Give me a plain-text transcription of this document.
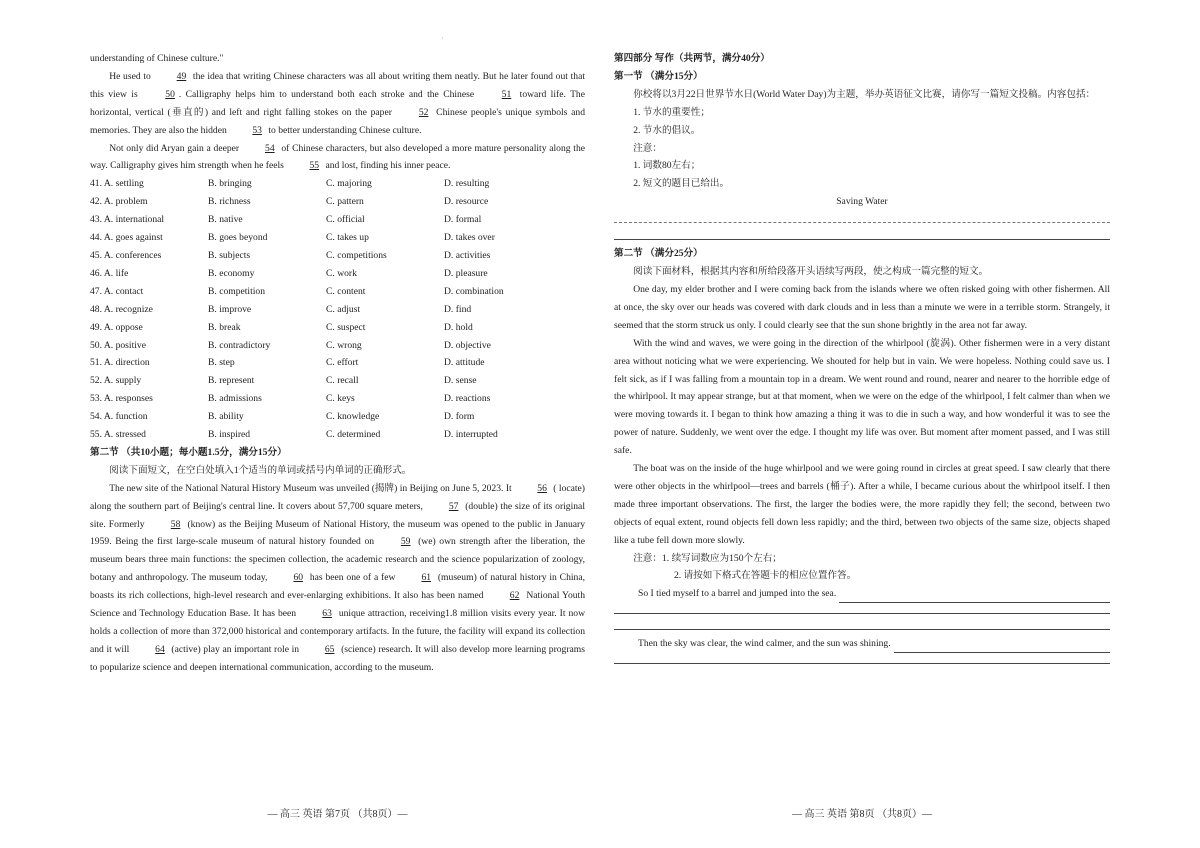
·

understanding of Chinese culture."

He used to 49 the idea that writing Chinese characters was all about writing them neatly. But he later found out that this view is 50 . Calligraphy helps him to understand both each stroke and the Chinese 51 toward life. The horizontal, vertical (垂直的) and left and right falling stokes on the paper 52 Chinese people's unique symbols and memories. They are also the hidden 53 to better understanding Chinese culture.

Not only did Aryan gain a deeper 54 of Chinese characters, but also developed a more mature personality along the way. Calligraphy gives him strength when he feels 55 and lost, finding his inner peace.

41. A. settling	B. bringing	C. majoring	D. resulting
42. A. problem	B. richness	C. pattern	D. resource
43. A. international	B. native	C. official	D. formal
44. A. goes against	B. goes beyond	C. takes up	D. takes over
45. A. conferences	B. subjects	C. competitions	D. activities
46. A. life	B. economy	C. work	D. pleasure
47. A. contact	B. competition	C. content	D. combination
48. A. recognize	B. improve	C. adjust	D. find
49. A. oppose	B. break	C. suspect	D. hold
50. A. positive	B. contradictory	C. wrong	D. objective
51. A. direction	B. step	C. effort	D. attitude
52. A. supply	B. represent	C. recall	D. sense
53. A. responses	B. admissions	C. keys	D. reactions
54. A. function	B. ability	C. knowledge	D. form
55. A. stressed	B. inspired	C. determined	D. interrupted

第二节 （共10小题；每小题1.5分，满分15分）

阅读下面短文，在空白处填入1个适当的单词或括号内单词的正确形式。

The new site of the National Natural History Museum was unveiled (揭牌) in Beijing on June 5, 2023. It 56 ( locate) along the southern part of Beijing's central line. It covers about 57,700 square meters, 57 (double) the size of its original site. Formerly 58 (know) as the Beijing Museum of National History, the museum was opened to the public in January 1959. Being the first large-scale museum of natural history founded on 59 (we) own strength after the liberation, the museum bears three main functions: the specimen collection, the academic research and the science popularization of zoology, botany and anthropology. The museum today, 60 has been one of a few 61 (museum) of natural history in China, boasts its rich collections, high-level research and ever-enlarging exhibitions. It also has been named 62 National Youth Science and Technology Education Base. It has been 63 unique attraction, receiving1.8 million visits every year. It now holds a collection of more than 372,000 historical and contemporary artifacts. In the future, the facility will expand its collection and it will 64 (active) play an important role in 65 (science) research. It will also develop more learning programs to popularize science and deepen international communication, according to the museum.

— 高三 英语 第7页 （共8页）—

第四部分 写作（共两节，满分40分）

第一节 （满分15分）

你校将以3月22日世界节水日(World Water Day)为主题，举办英语征文比赛，请你写一篇短文投稿。内容包括：

1. 节水的重要性；

2. 节水的倡议。

注意：

1. 词数80左右；

2. 短文的题目已给出。

Saving Water

第二节 （满分25分）

阅读下面材料，根据其内容和所给段落开头语续写两段，使之构成一篇完整的短文。

One day, my elder brother and I were coming back from the islands where we often risked going with other fishermen. All at once, the sky over our heads was covered with dark clouds and in less than a minute we were in a terrible storm. Strangely, it seemed that the storm struck us only. I could clearly see that the sun shone brightly in the area not far away.

With the wind and waves, we were going in the direction of the whirlpool (旋涡). Other fishermen were in a very distant area without noticing what we were experiencing. We shouted for help but in vain. We were hopeless. Nothing could save us. I felt sick, as if I was falling from a mountain top in a dream. We went round and round, nearer and nearer to the horrible edge of the whirlpool. It may appear strange, but at that moment, when we were on the edge of the whirlpool, I felt calmer than when we were moving towards it. I began to think how amazing a thing it was to die in such a way, and how wonderful it was to see the power of nature. Suddenly, we went over the edge. I thought my life was over. But moment after moment passed, and I was still safe.

The boat was on the inside of the huge whirlpool and we were going round in circles at great speed. I saw clearly that there were other objects in the whirlpool—trees and barrels (桶子). After a while, I became curious about the whirlpool itself. I then made three important observations. The first, the larger the bodies were, the more rapidly they fell; the second, between two objects of equal extent, round objects fell down less rapidly; and the third, between two objects of the same size, objects shaped like a tube fell down more slowly.

注意：1. 续写词数应为150个左右；

2. 请按如下格式在答题卡的相应位置作答。

So I tied myself to a barrel and jumped into the sea.
Then the sky was clear, the wind calmer, and the sun was shining.
— 高三 英语 第8页 （共8页）—
